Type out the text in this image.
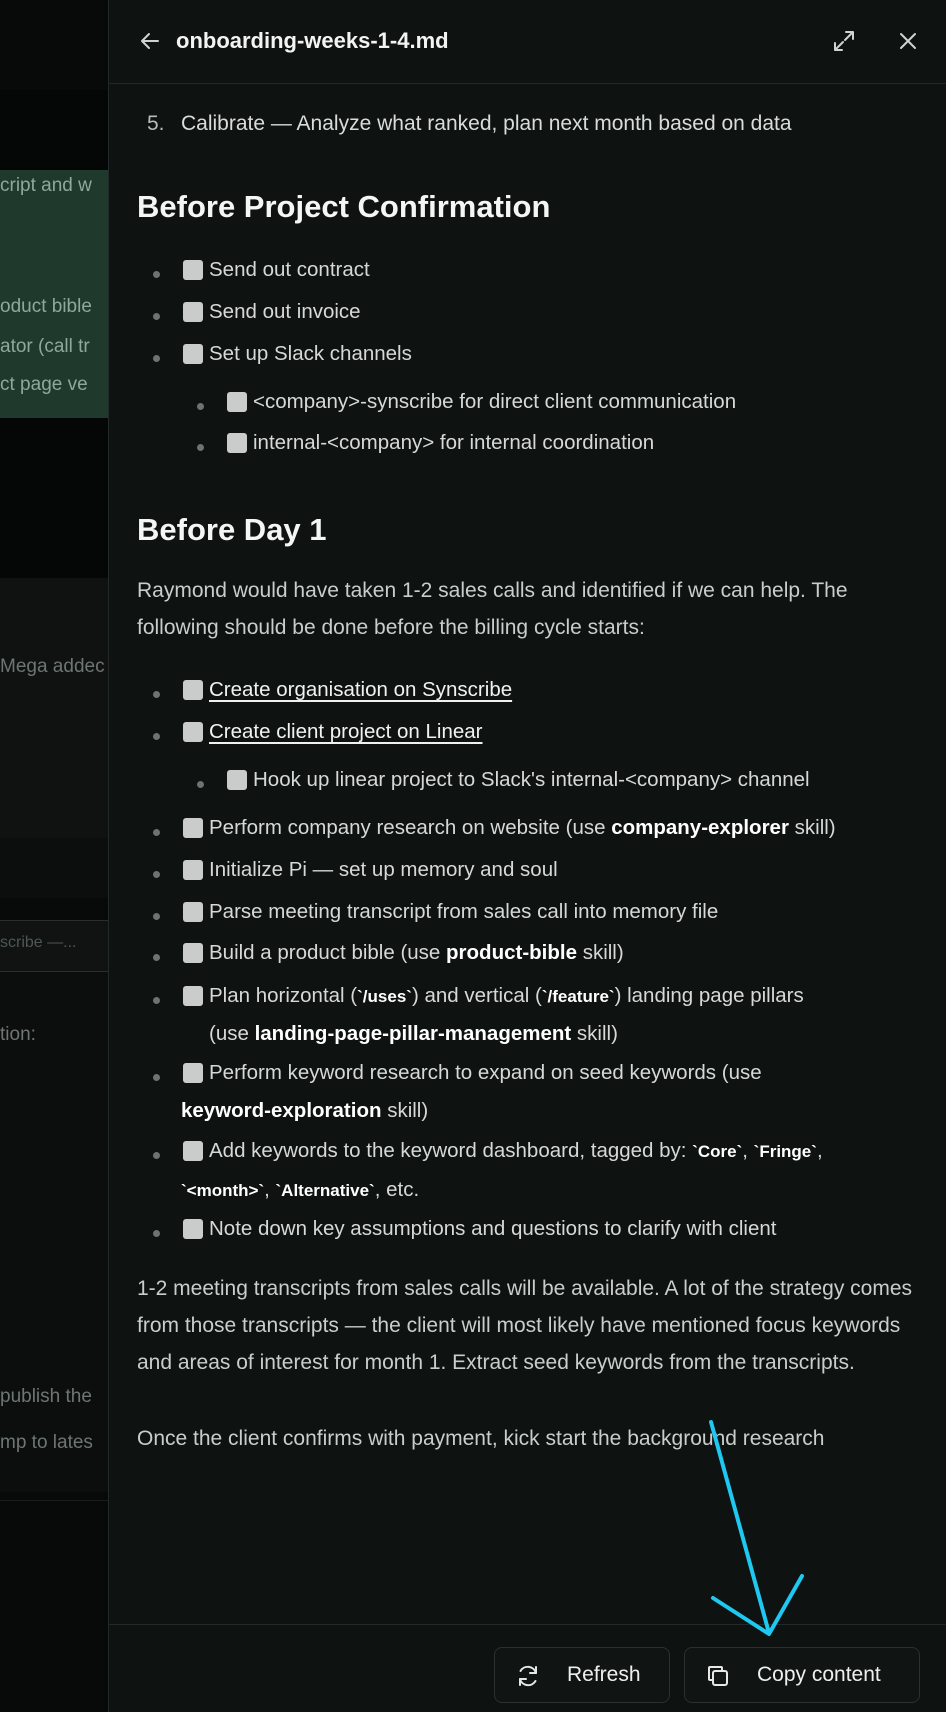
cript and w
oduct bible
ator (call tr
ct page ve
Mega addec
scribe —...
tion:
publish the
mp to lates
onboarding-weeks-1-4.md
5. Calibrate — Analyze what ranked, plan next month based on data
Before Project Confirmation
Send out contract
Send out invoice
Set up Slack channels
<company>-synscribe for direct client communication
internal-<company> for internal coordination
Before Day 1
Raymond would have taken 1-2 sales calls and identified if we can help. The following should be done before the billing cycle starts:
Create organisation on Synscribe
Create client project on Linear
Hook up linear project to Slack's internal-<company> channel
Perform company research on website (use company-explorer skill)
Initialize Pi — set up memory and soul
Parse meeting transcript from sales call into memory file
Build a product bible (use product-bible skill)
Plan horizontal (`/uses`) and vertical (`/feature`) landing page pillars
(use landing-page-pillar-management skill)
Perform keyword research to expand on seed keywords (use
keyword-exploration skill)
Add keywords to the keyword dashboard, tagged by: `Core`, `Fringe`,
`<month>`, `Alternative`, etc.
Note down key assumptions and questions to clarify with client
1-2 meeting transcripts from sales calls will be available. A lot of the strategy comes from those transcripts — the client will most likely have mentioned focus keywords and areas of interest for month 1. Extract seed keywords from the transcripts.
Once the client confirms with payment, kick start the background research
Refresh	Copy content
